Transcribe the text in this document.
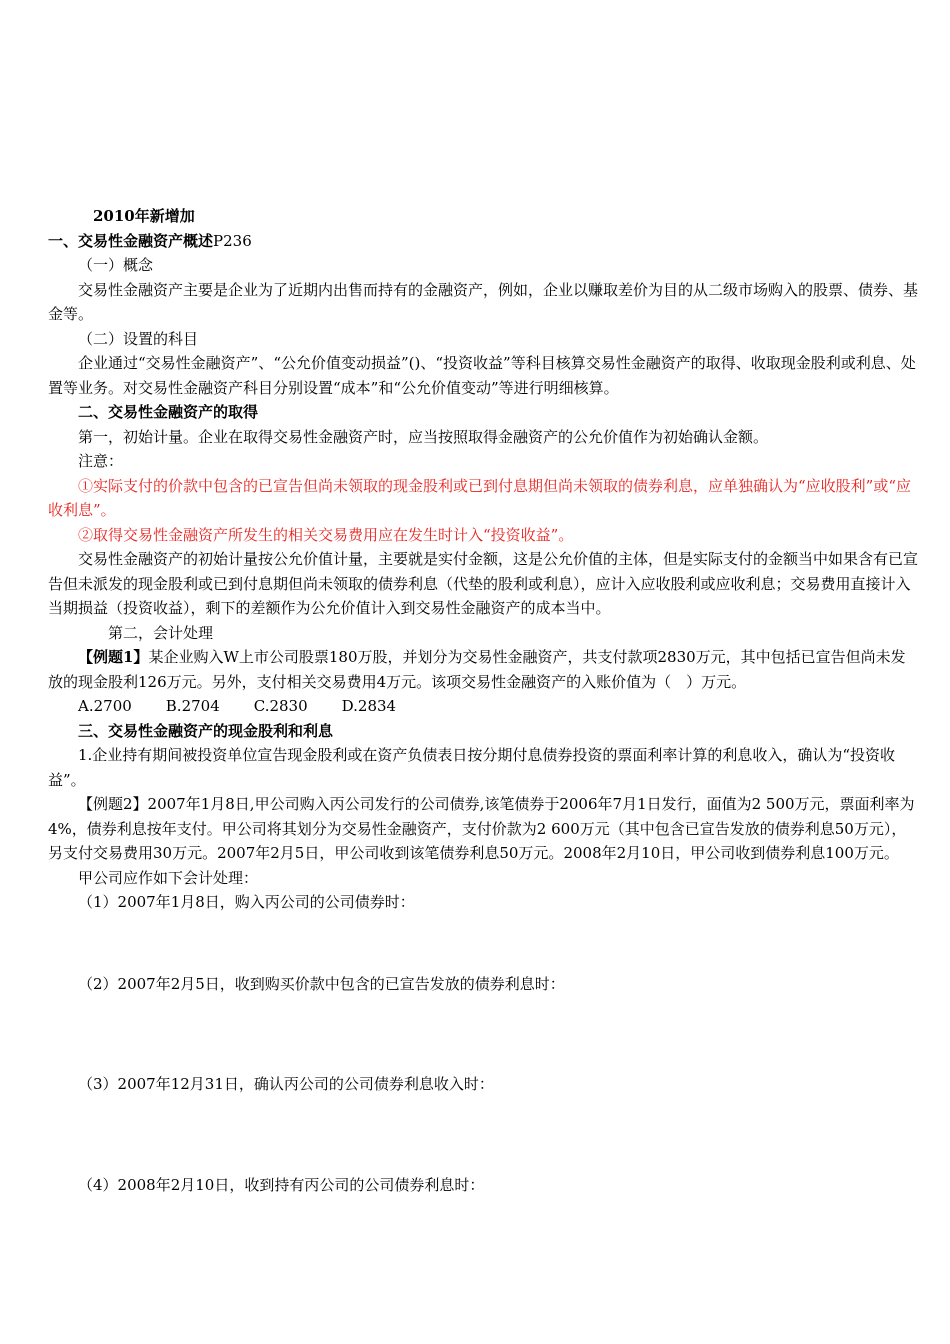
2010年新增加

一、交易性金融资产概述P236

（一）概念

交易性金融资产主要是企业为了近期内出售而持有的金融资产，例如，企业以赚取差价为目的从二级市场购入的股票、债券、基金等。

（二）设置的科目

企业通过“交易性金融资产”、“公允价值变动损益”()、“投资收益”等科目核算交易性金融资产的取得、收取现金股利或利息、处置等业务。对交易性金融资产科目分别设置“成本”和“公允价值变动”等进行明细核算。

二、交易性金融资产的取得

第一，初始计量。企业在取得交易性金融资产时，应当按照取得金融资产的公允价值作为初始确认金额。

注意：

①实际支付的价款中包含的已宣告但尚未领取的现金股利或已到付息期但尚未领取的债券利息，应单独确认为“应收股利”或“应收利息”。

②取得交易性金融资产所发生的相关交易费用应在发生时计入“投资收益”。

交易性金融资产的初始计量按公允价值计量，主要就是实付金额，这是公允价值的主体，但是实际支付的金额当中如果含有已宣告但未派发的现金股利或已到付息期但尚未领取的债券利息（代垫的股利或利息），应计入应收股利或应收利息；交易费用直接计入当期损益（投资收益），剩下的差额作为公允价值计入到交易性金融资产的成本当中。

第二，会计处理

【例题1】某企业购入W上市公司股票180万股，并划分为交易性金融资产，共支付款项2830万元，其中包括已宣告但尚未发放的现金股利126万元。另外，支付相关交易费用4万元。该项交易性金融资产的入账价值为（　）万元。

A.2700 B.2704 C.2830 D.2834

三、交易性金融资产的现金股利和利息

1.企业持有期间被投资单位宣告现金股利或在资产负债表日按分期付息债券投资的票面利率计算的利息收入，确认为“投资收益”。

【例题2】2007年1月8日,甲公司购入丙公司发行的公司债券,该笔债券于2006年7月1日发行，面值为2 500万元，票面利率为4%，债券利息按年支付。甲公司将其划分为交易性金融资产，支付价款为2 600万元（其中包含已宣告发放的债券利息50万元），另支付交易费用30万元。2007年2月5日，甲公司收到该笔债券利息50万元。2008年2月10日，甲公司收到债券利息100万元。

甲公司应作如下会计处理：

（1）2007年1月8日，购入丙公司的公司债券时：

（2）2007年2月5日，收到购买价款中包含的已宣告发放的债券利息时：

（3）2007年12月31日，确认丙公司的公司债券利息收入时：

（4）2008年2月10日，收到持有丙公司的公司债券利息时：
